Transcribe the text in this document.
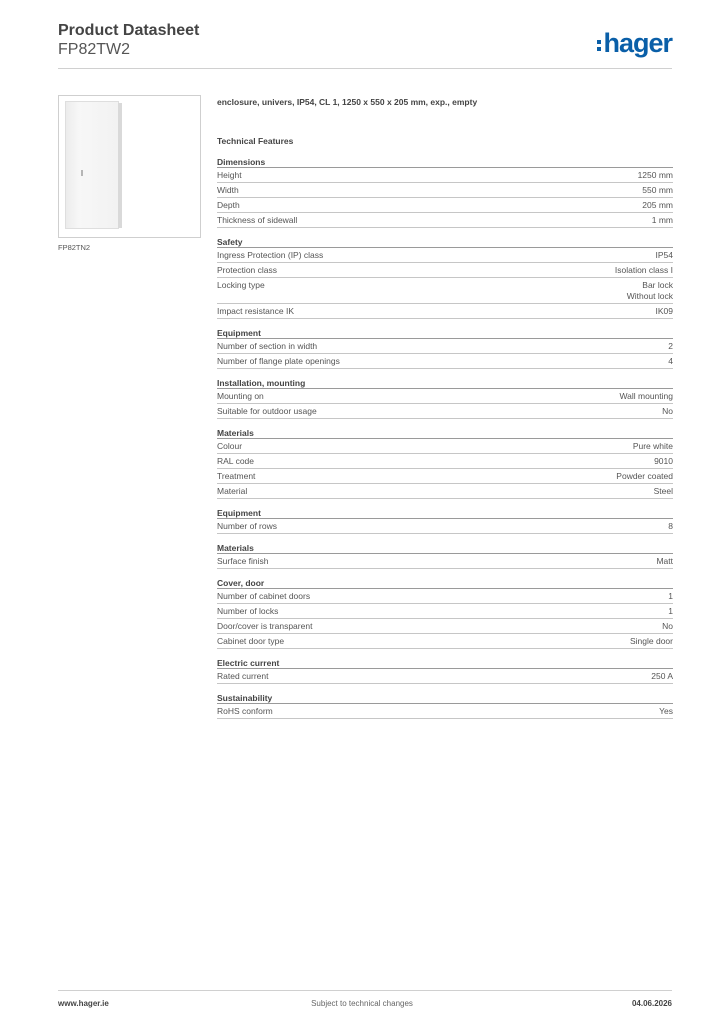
Product Datasheet
FP82TW2	hager
FP82TN2
enclosure, univers, IP54, CL 1, 1250 x 550 x 205 mm, exp., empty
Technical Features
Dimensions
Height	1250 mm
Width	550 mm
Depth	205 mm
Thickness of sidewall	1 mm
Safety
Ingress Protection (IP) class	IP54
Protection class	Isolation class I
Locking type	Bar lock
Without lock
Impact resistance IK	IK09
Equipment
Number of section in width	2
Number of flange plate openings	4
Installation, mounting
Mounting on	Wall mounting
Suitable for outdoor usage	No
Materials
Colour	Pure white
RAL code	9010
Treatment	Powder coated
Material	Steel
Equipment
Number of rows	8
Materials
Surface finish	Matt
Cover, door
Number of cabinet doors	1
Number of locks	1
Door/cover is transparent	No
Cabinet door type	Single door
Electric current
Rated current	250 A
Sustainability
RoHS conform	Yes
www.hager.ie	Subject to technical changes	04.06.2026
